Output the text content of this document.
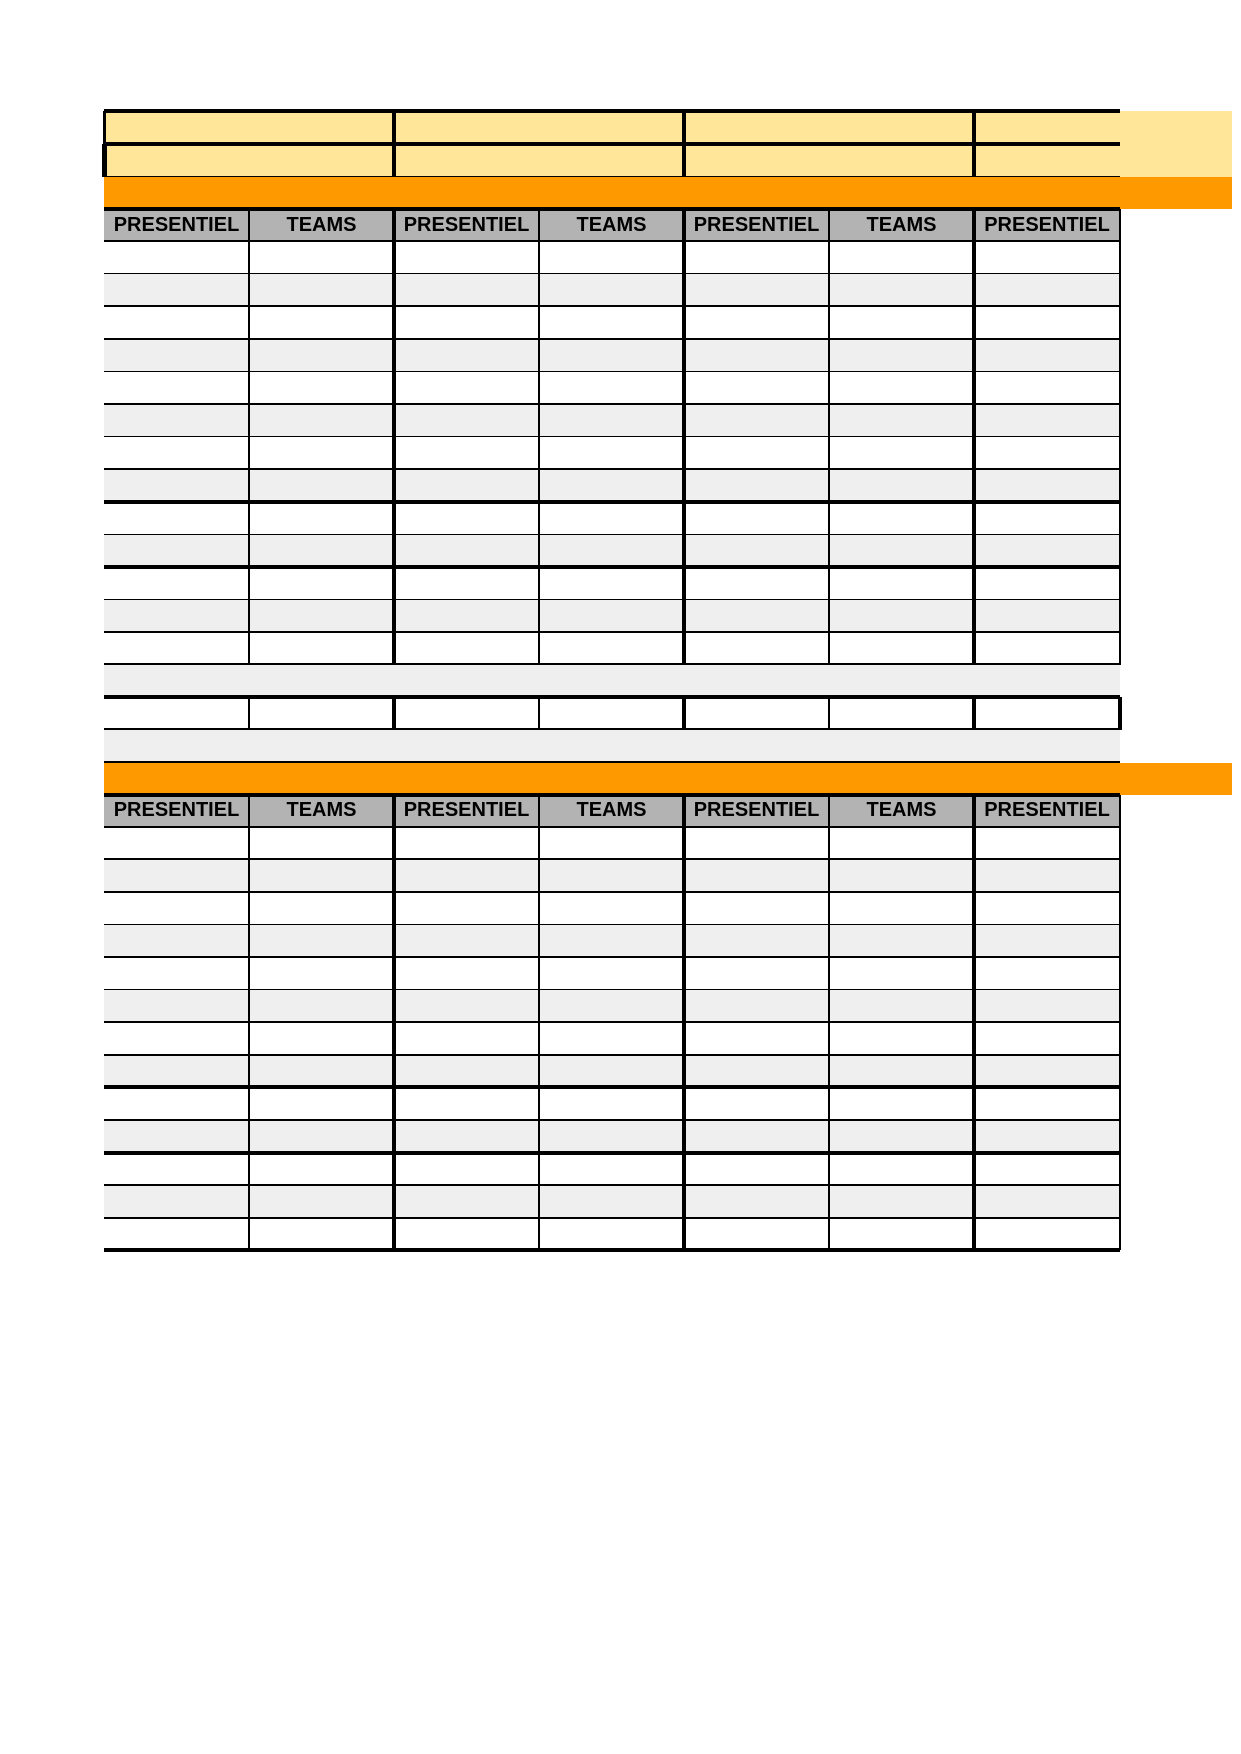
PRESENTIEL	TEAMS	PRESENTIEL	TEAMS	PRESENTIEL	TEAMS	PRESENTIEL
PRESENTIEL	TEAMS	PRESENTIEL	TEAMS	PRESENTIEL	TEAMS	PRESENTIEL
